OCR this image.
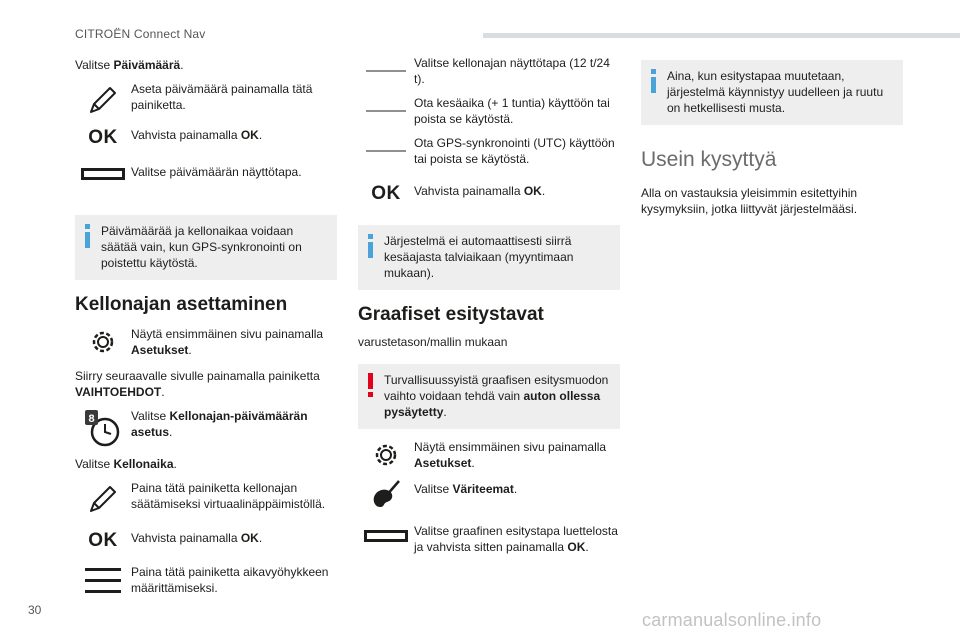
CITROËN Connect Nav

Valitse Päivämäärä.

Aseta päivämäärä painamalla tätä painiketta.

OK Vahvista painamalla OK.

Valitse päivämäärän näyttötapa.

Päivämäärää ja kellonaikaa voidaan säätää vain, kun GPS-synkronointi on poistettu käytöstä.
Kellonajan asettaminen

Näytä ensimmäinen sivu painamalla Asetukset.

Siirry seuraavalle sivulle painamalla painiketta VAIHTOEHDOT.

8	Valitse Kellonajan-päivämäärän asetus.

Valitse Kellonaika.

Paina tätä painiketta kellonajan säätämiseksi virtuaalinäppäimistöllä.

OK Vahvista painamalla OK.

Paina tätä painiketta aikavyöhykkeen määrittämiseksi.

Valitse kellonajan näyttötapa (12 t/24 t).

Ota kesäaika (+ 1 tuntia) käyttöön tai poista se käytöstä.

Ota GPS-synkronointi (UTC) käyttöön tai poista se käytöstä.

OK Vahvista painamalla OK.

Järjestelmä ei automaattisesti siirrä kesäajasta talviaikaan (myyntimaan mukaan).
Graafiset esitystavat

varustetason/mallin mukaan

Turvallisuussyistä graafisen esitysmuodon vaihto voidaan tehdä vain auton ollessa pysäytetty.

Näytä ensimmäinen sivu painamalla Asetukset.

Valitse Väriteemat.

Valitse graafinen esitystapa luettelosta ja vahvista sitten painamalla OK.

Aina, kun esitystapaa muutetaan, järjestelmä käynnistyy uudelleen ja ruutu on hetkellisesti musta.
Usein kysyttyä

Alla on vastauksia yleisimmin esitettyihin kysymyksiin, jotka liittyvät järjestelmääsi.

30	carmanualsonline.info
